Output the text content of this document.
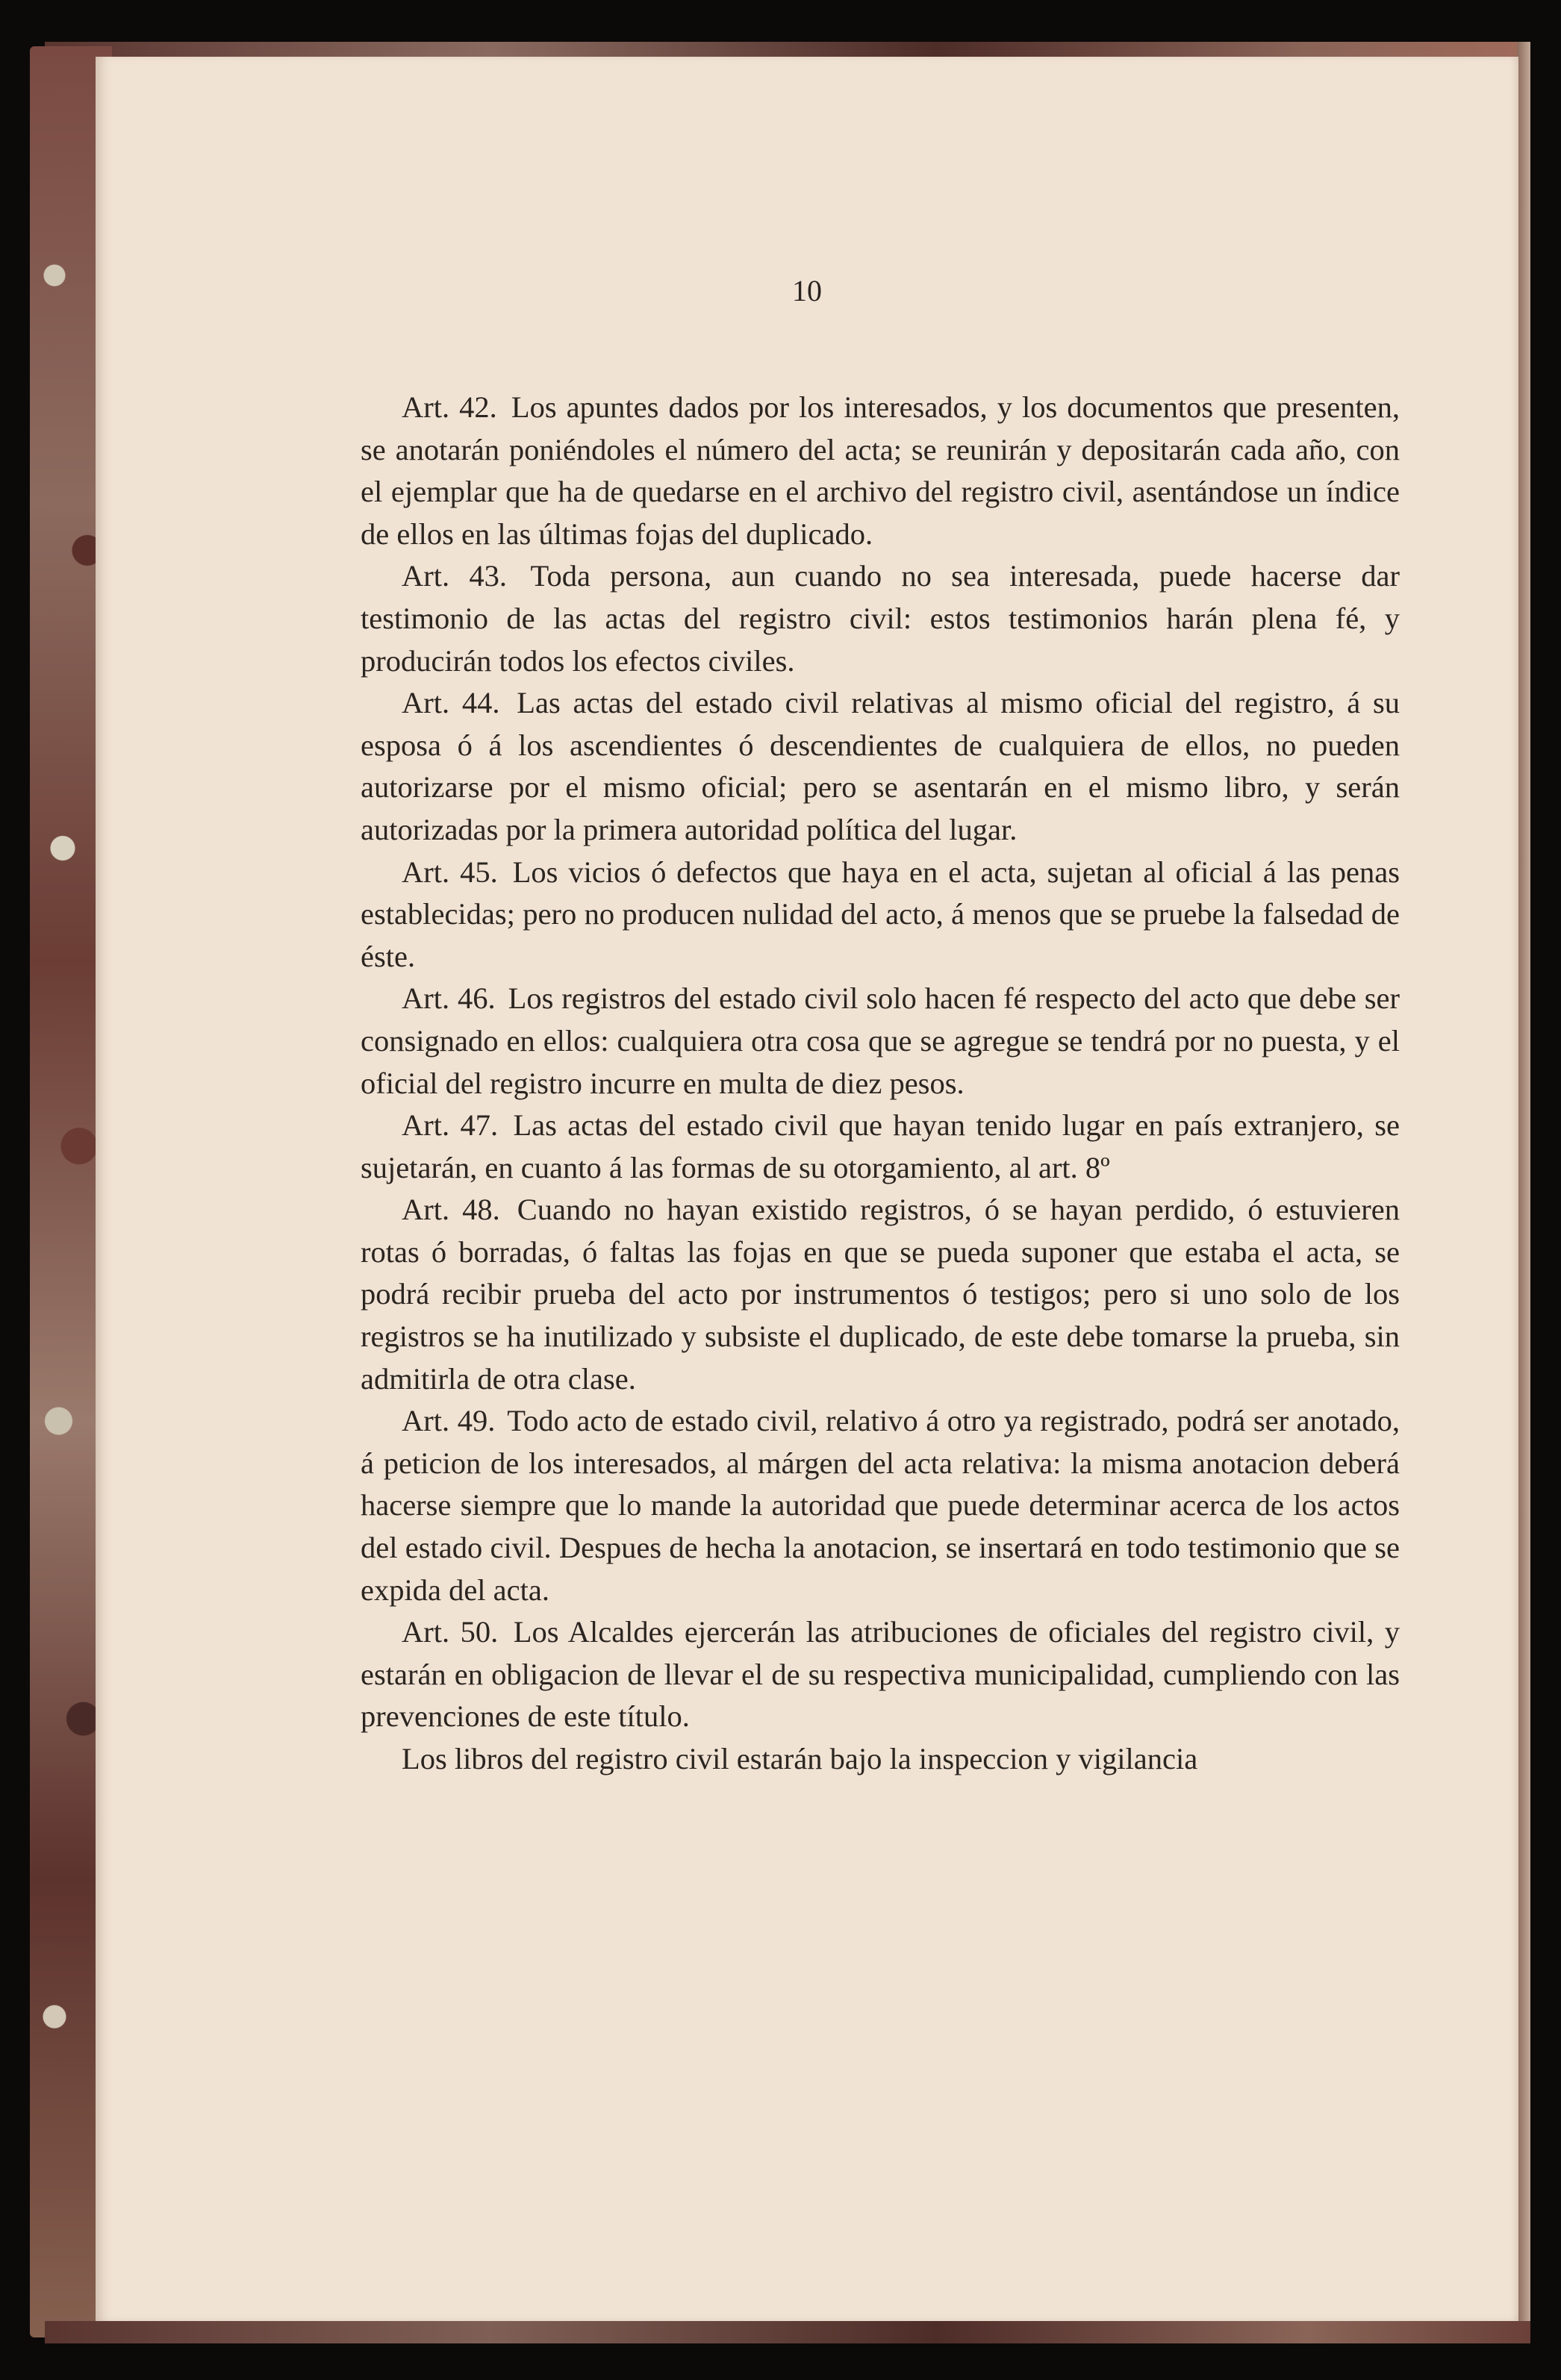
10

Art. 42. Los apuntes dados por los interesados, y los documentos que presenten, se anotarán poniéndoles el número del acta; se reunirán y depositarán cada año, con el ejemplar que ha de quedarse en el archivo del registro civil, asentándose un índice de ellos en las últimas fojas del duplicado.

Art. 43. Toda persona, aun cuando no sea interesada, puede hacerse dar testimonio de las actas del registro civil: estos testimonios harán plena fé, y producirán todos los efectos civiles.

Art. 44. Las actas del estado civil relativas al mismo oficial del registro, á su esposa ó á los ascendientes ó descendientes de cualquiera de ellos, no pueden autorizarse por el mismo oficial; pero se asentarán en el mismo libro, y serán autorizadas por la primera autoridad política del lugar.

Art. 45. Los vicios ó defectos que haya en el acta, sujetan al oficial á las penas establecidas; pero no producen nulidad del acto, á menos que se pruebe la falsedad de éste.

Art. 46. Los registros del estado civil solo hacen fé respecto del acto que debe ser consignado en ellos: cualquiera otra cosa que se agregue se tendrá por no puesta, y el oficial del registro incurre en multa de diez pesos.

Art. 47. Las actas del estado civil que hayan tenido lugar en país extranjero, se sujetarán, en cuanto á las formas de su otorgamiento, al art. 8º

Art. 48. Cuando no hayan existido registros, ó se hayan perdido, ó estuvieren rotas ó borradas, ó faltas las fojas en que se pueda suponer que estaba el acta, se podrá recibir prueba del acto por instrumentos ó testigos; pero si uno solo de los registros se ha inutilizado y subsiste el duplicado, de este debe tomarse la prueba, sin admitirla de otra clase.

Art. 49. Todo acto de estado civil, relativo á otro ya registrado, podrá ser anotado, á peticion de los interesados, al márgen del acta relativa: la misma anotacion deberá hacerse siempre que lo mande la autoridad que puede determinar acerca de los actos del estado civil. Despues de hecha la anotacion, se insertará en todo testimonio que se expida del acta.

Art. 50. Los Alcaldes ejercerán las atribuciones de oficiales del registro civil, y estarán en obligacion de llevar el de su respectiva municipalidad, cumpliendo con las prevenciones de este título.

Los libros del registro civil estarán bajo la inspeccion y vigilancia
